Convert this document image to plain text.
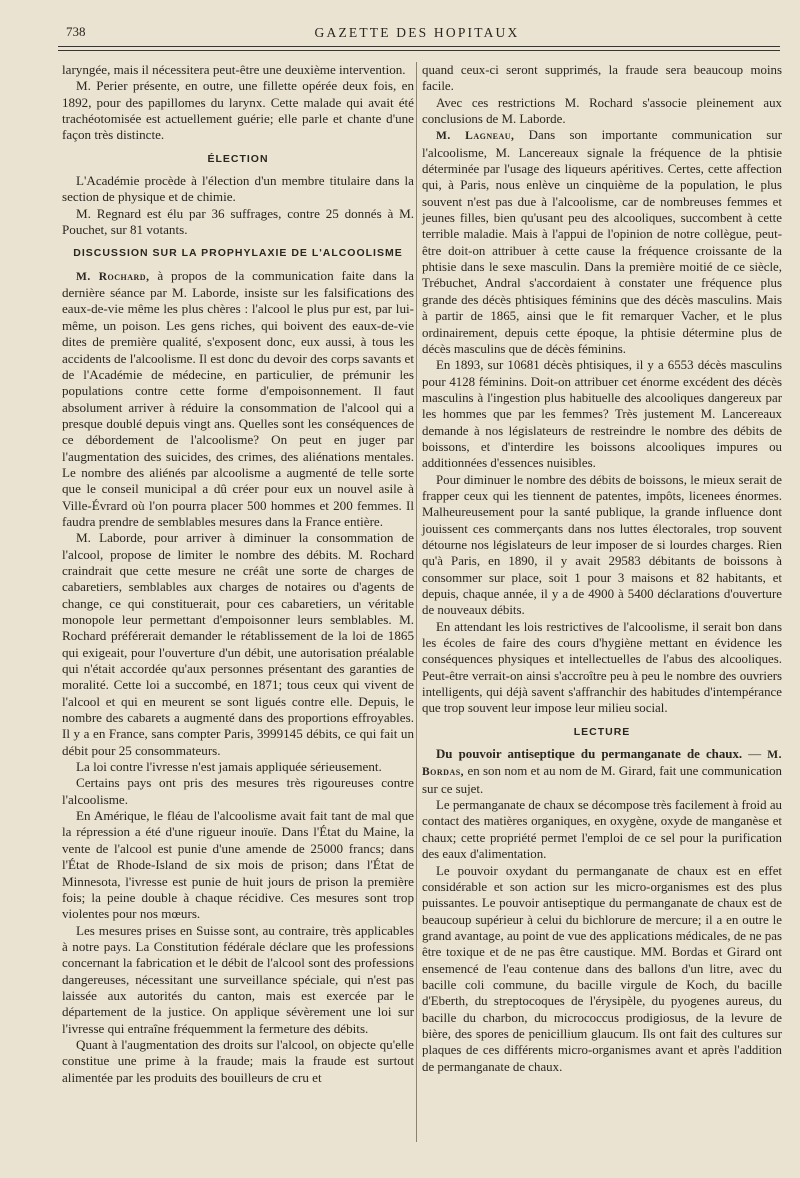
738	GAZETTE DES HOPITAUX

laryngée, mais il nécessitera peut-être une deuxième intervention.

M. Perier présente, en outre, une fillette opérée deux fois, en 1892, pour des papillomes du larynx. Cette malade qui avait été trachéotomisée est actuellement guérie; elle parle et chante d'une façon très distincte.

ÉLECTION

L'Académie procède à l'élection d'un membre titulaire dans la section de physique et de chimie.

M. Regnard est élu par 36 suffrages, contre 25 donnés à M. Pouchet, sur 81 votants.

DISCUSSION SUR LA PROPHYLAXIE DE L'ALCOOLISME

M. Rochard, à propos de la communication faite dans la dernière séance par M. Laborde, insiste sur les falsifications des eaux-de-vie même les plus chères : l'alcool le plus pur est, par lui-même, un poison. Les gens riches, qui boivent des eaux-de-vie dites de première qualité, s'exposent donc, eux aussi, à tous les accidents de l'alcoolisme. Il est donc du devoir des corps savants et de l'Académie de médecine, en particulier, de prémunir les populations contre cette forme d'empoisonnement. Il faut absolument arriver à réduire la consommation de l'alcool qui a presque doublé depuis vingt ans. Quelles sont les conséquences de ce débordement de l'alcoolisme? On peut en juger par l'augmentation des suicides, des crimes, des aliénations mentales. Le nombre des aliénés par alcoolisme a augmenté de telle sorte que le conseil municipal a dû créer pour eux un nouvel asile à Ville-Évrard où l'on pourra placer 500 hommes et 200 femmes. Il faudra prendre de semblables mesures dans la France entière.

M. Laborde, pour arriver à diminuer la consommation de l'alcool, propose de limiter le nombre des débits. M. Rochard craindrait que cette mesure ne créât une sorte de charges de cabaretiers, semblables aux charges de notaires ou d'agents de change, ce qui constituerait, pour ces cabaretiers, un véritable monopole leur permettant d'empoisonner leurs semblables. M. Rochard préférerait demander le rétablissement de la loi de 1865 qui exigeait, pour l'ouverture d'un débit, une autorisation préalable qui n'était accordée qu'aux personnes présentant des garanties de moralité. Cette loi a succombé, en 1871; tous ceux qui vivent de l'alcool et qui en meurent se sont ligués contre elle. Depuis, le nombre des cabarets a augmenté dans des proportions effroyables. Il y a en France, sans compter Paris, 3999145 débits, ce qui fait un débit pour 25 consommateurs.

La loi contre l'ivresse n'est jamais appliquée sérieusement.

Certains pays ont pris des mesures très rigoureuses contre l'alcoolisme.

En Amérique, le fléau de l'alcoolisme avait fait tant de mal que la répression a été d'une rigueur inouïe. Dans l'État du Maine, la vente de l'alcool est punie d'une amende de 25000 francs; dans l'État de Rhode-Island de six mois de prison; dans l'État de Minnesota, l'ivresse est punie de huit jours de prison la première fois; la peine double à chaque récidive. Ces mesures sont trop violentes pour nos mœurs.

Les mesures prises en Suisse sont, au contraire, très applicables à notre pays. La Constitution fédérale déclare que les professions concernant la fabrication et le débit de l'alcool sont des professions dangereuses, nécessitant une surveillance spéciale, qui n'est pas laissée aux autorités du canton, mais est exercée par le département de la justice. On applique sévèrement une loi sur l'ivresse qui entraîne fréquemment la fermeture des débits.

Quant à l'augmentation des droits sur l'alcool, on objecte qu'elle constitue une prime à la fraude; mais la fraude est surtout alimentée par les produits des bouilleurs de cru et

quand ceux-ci seront supprimés, la fraude sera beaucoup moins facile.

Avec ces restrictions M. Rochard s'associe pleinement aux conclusions de M. Laborde.

M. Lagneau, Dans son importante communication sur l'alcoolisme, M. Lancereaux signale la fréquence de la phtisie déterminée par l'usage des liqueurs apéritives. Certes, cette affection qui, à Paris, nous enlève un cinquième de la population, le plus souvent n'est pas due à l'alcoolisme, car de nombreuses femmes et jeunes filles, bien qu'usant peu des alcooliques, succombent à cette terrible maladie. Mais à l'appui de l'opinion de notre collègue, peut-être doit-on attribuer à cette cause la fréquence croissante de la phtisie dans le sexe masculin. Dans la première moitié de ce siècle, Trébuchet, Andral s'accordaient à constater une fréquence plus grande des décès phtisiques féminins que des décès masculins. Mais à partir de 1865, ainsi que le fit remarquer Vacher, et le plus ordinairement, depuis cette époque, la phtisie détermine plus de décès masculins que de décès féminins.

En 1893, sur 10681 décès phtisiques, il y a 6553 décès masculins pour 4128 féminins. Doit-on attribuer cet énorme excédent des décès masculins à l'ingestion plus habituelle des alcooliques dangereux par les hommes que par les femmes? Très justement M. Lancereaux demande à nos législateurs de restreindre le nombre des débits de boissons, et d'interdire les boissons alcooliques impures ou additionnées d'essences nuisibles.

Pour diminuer le nombre des débits de boissons, le mieux serait de frapper ceux qui les tiennent de patentes, impôts, licenees énormes. Malheureusement pour la santé publique, la grande influence dont jouissent ces commerçants dans nos luttes électorales, trop souvent détourne nos législateurs de leur imposer de si lourdes charges. Rien qu'à Paris, en 1890, il y avait 29583 débitants de boissons à consommer sur place, soit 1 pour 3 maisons et 82 habitants, et depuis, chaque année, il y a de 4900 à 5400 déclarations d'ouverture de nouveaux débits.

En attendant les lois restrictives de l'alcoolisme, il serait bon dans les écoles de faire des cours d'hygiène mettant en évidence les conséquences physiques et intellectuelles de l'abus des alcooliques. Peut-être verrait-on ainsi s'accroître peu à peu le nombre des ouvriers intelligents, qui déjà savent s'affranchir des habitudes d'intempérance que trop souvent leur impose leur milieu social.

LECTURE

Du pouvoir antiseptique du permanganate de chaux. — M. Bordas, en son nom et au nom de M. Girard, fait une communication sur ce sujet.

Le permanganate de chaux se décompose très facilement à froid au contact des matières organiques, en oxygène, oxyde de manganèse et chaux; cette propriété permet l'emploi de ce sel pour la purification des eaux d'alimentation.

Le pouvoir oxydant du permanganate de chaux est en effet considérable et son action sur les micro-organismes est des plus puissantes. Le pouvoir antiseptique du permanganate de chaux est de beaucoup supérieur à celui du bichlorure de mercure; il a en outre le grand avantage, au point de vue des applications médicales, de ne pas être toxique et de ne pas être caustique. MM. Bordas et Girard ont ensemencé de l'eau contenue dans des ballons d'un litre, avec du bacille coli commune, du bacille virgule de Koch, du bacille d'Eberth, du streptocoques de l'érysipèle, du pyogenes aureus, du bacille du charbon, du micrococcus prodigiosus, de la levure de bière, des spores de penicillium glaucum. Ils ont fait des cultures sur plaques de ces différents micro-organismes avant et après l'addition de permanganate de chaux.
